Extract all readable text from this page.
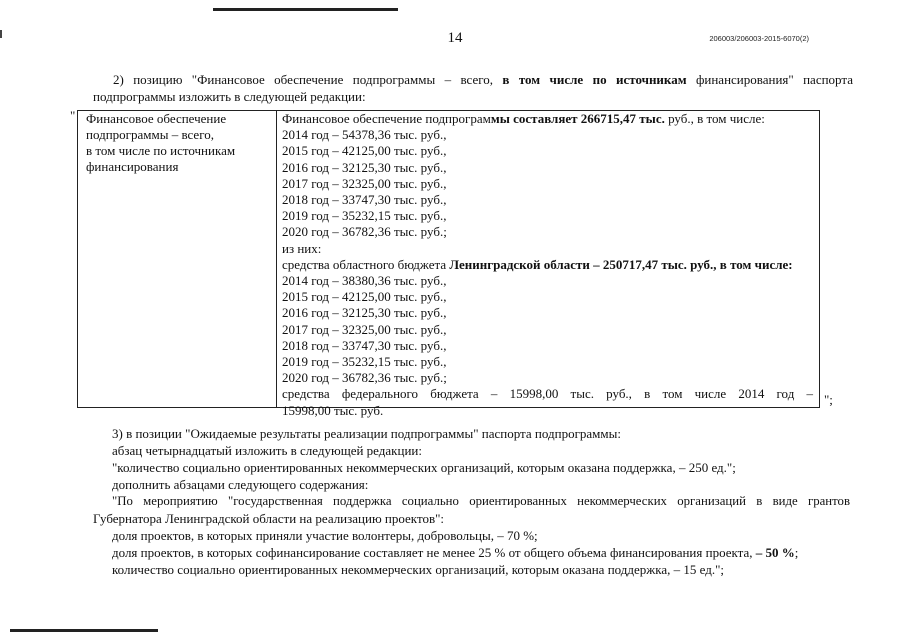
14	206003/206003-2015-6070(2)
2) позицию "Финансовое обеспечение подпрограммы – всего, в том числе по источникам финансирования" паспорта подпрограммы изложить в следующей редакции:
" Финансовое обеспечение
подпрограммы – всего,
в том числе по источникам
финансирования
Финансовое обеспечение подпрограммы составляет 266715,47 тыс. руб., в том числе:
2014 год – 54378,36 тыс. руб.,
2015 год – 42125,00 тыс. руб.,
2016 год – 32125,30 тыс. руб.,
2017 год – 32325,00 тыс. руб.,
2018 год – 33747,30 тыс. руб.,
2019 год – 35232,15 тыс. руб.,
2020 год – 36782,36 тыс. руб.;
из них:
средства областного бюджета Ленинградской области – 250717,47 тыс. руб., в том числе:
2014 год – 38380,36 тыс. руб.,
2015 год – 42125,00 тыс. руб.,
2016 год – 32125,30 тыс. руб.,
2017 год – 32325,00 тыс. руб.,
2018 год – 33747,30 тыс. руб.,
2019 год – 35232,15 тыс. руб.,
2020 год – 36782,36 тыс. руб.;
средства федерального бюджета – 15998,00 тыс. руб., в том числе 2014 год –
15998,00 тыс. руб.
";
3) в позиции "Ожидаемые результаты реализации подпрограммы" паспорта подпрограммы:
абзац четырнадцатый изложить в следующей редакции:
"количество социально ориентированных некоммерческих организаций, которым оказана поддержка, – 250 ед.";
дополнить абзацами следующего содержания:
"По мероприятию "государственная поддержка социально ориентированных некоммерческих организаций в виде грантов
Губернатора Ленинградской области на реализацию проектов":
доля проектов, в которых приняли участие волонтеры, добровольцы, – 70 %;
доля проектов, в которых софинансирование составляет не менее 25 % от общего объема финансирования проекта, – 50 %;
количество социально ориентированных некоммерческих организаций, которым оказана поддержка, – 15 ед.";
